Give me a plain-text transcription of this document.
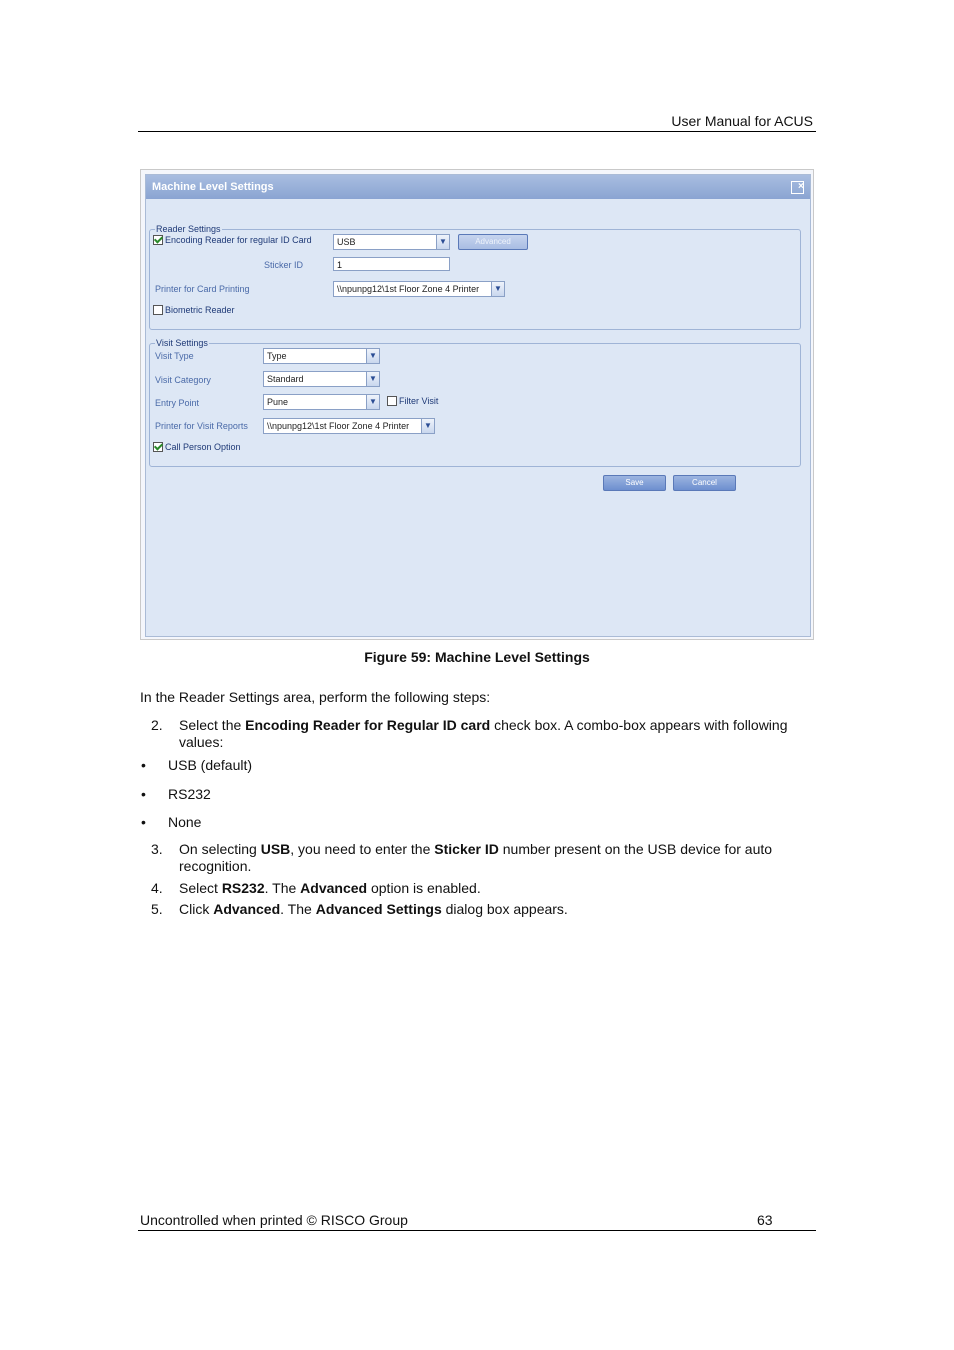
User Manual for ACUS
Machine Level Settings	×
Reader Settings
Encoding Reader for regular ID Card	USB	▼	Advanced
Sticker ID	1
Printer for Card Printing	\\npunpg12\1st Floor Zone 4 Printer	▼
Biometric Reader
Visit Settings
Visit Type	Type	▼
Visit Category	Standard	▼
Entry Point	Pune	▼ Filter Visit
Printer for Visit Reports	\\npunpg12\1st Floor Zone 4 Printer	▼
Call Person Option
Save	Cancel
Figure 59: Machine Level Settings
In the Reader Settings area, perform the following steps:
2. Select the Encoding Reader for Regular ID card check box. A combo-box appears with following values:
• USB (default)
• RS232
• None
3. On selecting USB, you need to enter the Sticker ID number present on the USB device for auto recognition.
4. Select RS232. The Advanced option is enabled.
5. Click Advanced. The Advanced Settings dialog box appears.
Uncontrolled when printed © RISCO Group	63
